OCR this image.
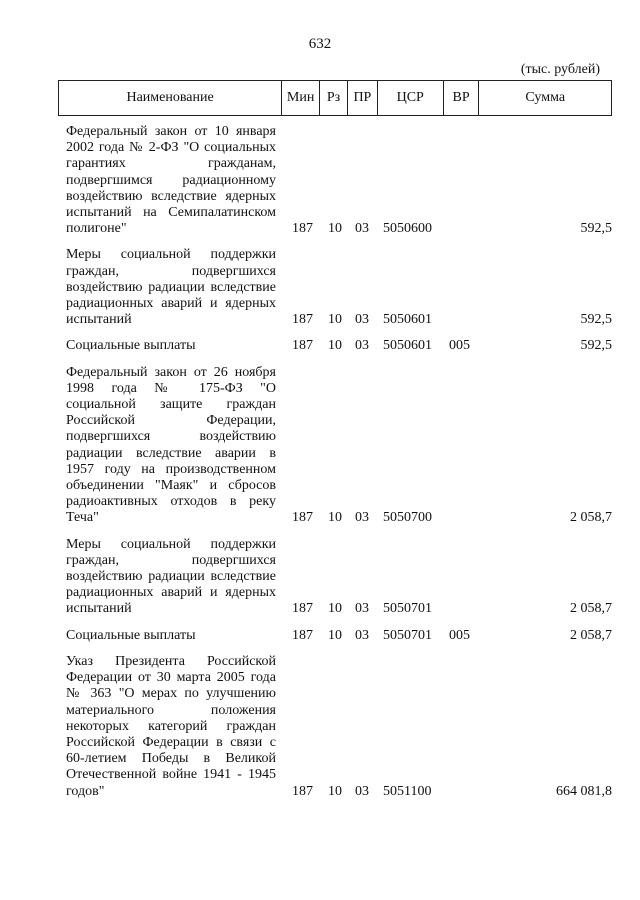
632
(тыс. рублей)
Наименование	Мин Рз ПР	ЦСР	ВР	Сумма
Федеральный закон от 10 января 2002 года № 2-ФЗ "О социальных гарантиях гражданам, подвергшимся радиационному воздействию вследствие ядерных испытаний на Семипалатинском полигоне"	187 10 03 5050600	592,5
Меры социальной поддержки граждан, подвергшихся воздействию радиации вследствие радиационных аварий и ядерных испытаний	187 10 03 5050601	592,5
Социальные выплаты	187 10 03 5050601 005	592,5
Федеральный закон от 26 ноября 1998 года № 175-ФЗ "О социальной защите граждан Российской Федерации, подвергшихся воздействию радиации вследствие аварии в 1957 году на производственном объединении "Маяк" и сбросов радиоактивных отходов в реку Теча"	187 10 03 5050700	2 058,7
Меры социальной поддержки граждан, подвергшихся воздействию радиации вследствие радиационных аварий и ядерных испытаний	187 10 03 5050701	2 058,7
Социальные выплаты	187 10 03 5050701 005	2 058,7
Указ Президента Российской Федерации от 30 марта 2005 года № 363 "О мерах по улучшению материального положения некоторых категорий граждан Российской Федерации в связи с 60-летием Победы в Великой Отечественной войне 1941 - 1945 годов"	187 10 03 5051100	664 081,8
